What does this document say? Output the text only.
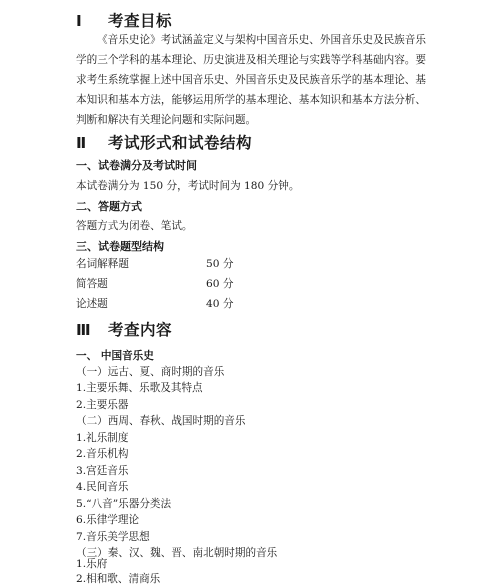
Ⅰ 考查目标

《音乐史论》考试涵盖定义与架构中国音乐史、外国音乐史及民族音乐学的三个学科的基本理论、历史演进及相关理论与实践等学科基础内容。要求考生系统掌握上述中国音乐史、外国音乐史及民族音乐学的基本理论、基本知识和基本方法，能够运用所学的基本理论、基本知识和基本方法分析、判断和解决有关理论问题和实际问题。

Ⅱ 考试形式和试卷结构
一、试卷满分及考试时间
本试卷满分为 150 分，考试时间为 180 分钟。
二、答题方式
答题方式为闭卷、笔试。
三、试卷题型结构
名词解释题	50 分
简答题	60 分
论述题	40 分
Ⅲ 考查内容
一、 中国音乐史
（一）远古、夏、商时期的音乐
1.主要乐舞、乐歌及其特点
2.主要乐器
（二）西周、春秋、战国时期的音乐
1.礼乐制度
2.音乐机构
3.宫廷音乐
4.民间音乐
5.“八音”乐器分类法
6.乐律学理论
7.音乐美学思想
（三）秦、汉、魏、晋、南北朝时期的音乐
1.乐府
2.相和歌、清商乐
